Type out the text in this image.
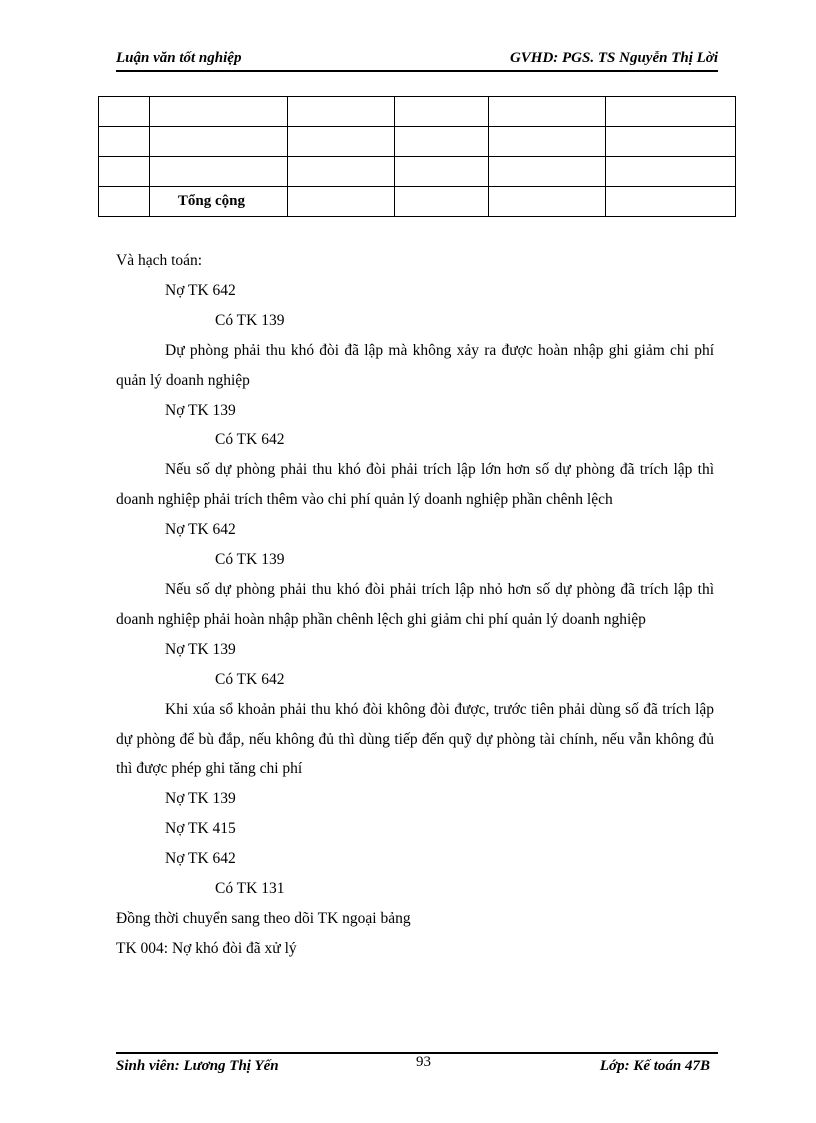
Luận văn tốt nghiệp	GVHD: PGS. TS Nguyễn Thị Lời

	Tổng cộng				

Và hạch toán:

Nợ TK 642

Có TK 139

Dự phòng phải thu khó đòi đã lập mà không xảy ra được hoàn nhập ghi giảm chi phí quản lý doanh nghiệp

Nợ TK 139

Có TK 642

Nếu số dự phòng phải thu khó đòi phải trích lập lớn hơn số dự phòng đã trích lập thì doanh nghiệp phải trích thêm vào chi phí quản lý doanh nghiệp phần chênh lệch

Nợ TK 642

Có TK 139

Nếu số dự phòng phải thu khó đòi phải trích lập nhỏ hơn số dự phòng đã trích lập thì doanh nghiệp phải hoàn nhập phần chênh lệch ghi giảm chi phí quản lý doanh nghiệp

Nợ TK 139

Có TK 642

Khi xúa sổ khoản phải thu khó đòi không đòi được, trước tiên phải dùng số đã trích lập dự phòng để bù đắp, nếu không đủ thì dùng tiếp đến quỹ dự phòng tài chính, nếu vẫn không đủ thì được phép ghi tăng chi phí

Nợ TK 139

Nợ TK 415

Nợ TK 642

Có TK 131

Đồng thời chuyển sang theo dõi TK ngoại bảng

TK 004: Nợ khó đòi đã xử lý

Sinh viên: Lương Thị Yến	93	Lớp: Kế toán 47B
